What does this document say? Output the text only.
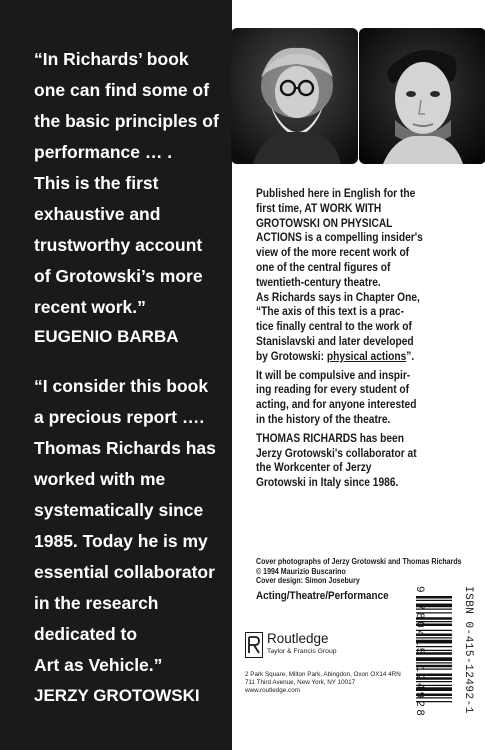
“In Richards’ book
one can find some of
the basic principles of
performance … .
This is the first
exhaustive and
trustworthy account
of Grotowski’s more
recent work.”
EUGENIO BARBA
“I consider this book
a precious report ….
Thomas Richards has
worked with me
systematically since
1985. Today he is my
essential collaborator
in the research
dedicated to
Art as Vehicle.”
JERZY GROTOWSKI
Published here in English for the
first time, AT WORK WITH
GROTOWSKI ON PHYSICAL
ACTIONS is a compelling insider's
view of the more recent work of
one of the central figures of
twentieth-century theatre.
As Richards says in Chapter One,
“The axis of this text is a prac-
tice finally central to the work of
Stanislavski and later developed
by Grotowski: physical actions”.
It will be compulsive and inspir-
ing reading for every student of
acting, and for anyone interested
in the history of the theatre.
THOMAS RICHARDS has been
Jerzy Grotowski's collaborator at
the Workcenter of Jerzy
Grotowski in Italy since 1986.
Cover photographs of Jerzy Grotowski and Thomas Richards
© 1994 Maurizio Buscarino
Cover design: Simon Josebury
Acting/Theatre/Performance
Routledge
Taylor & Francis Group
2 Park Square, Milton Park, Abingdon, Oxon OX14 4RN
711 Third Avenue, New York, NY 10017
www.routledge.com	ISBN 0-415-12492-1
9 780415 124928
